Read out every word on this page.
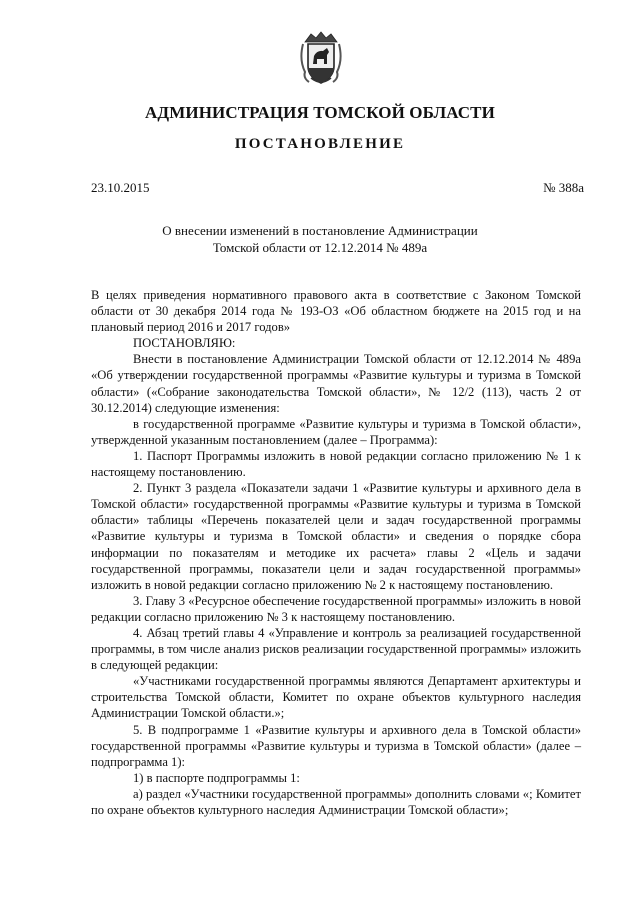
АДМИНИСТРАЦИЯ ТОМСКОЙ ОБЛАСТИ
ПОСТАНОВЛЕНИЕ
23.10.2015	№ 388а
О внесении изменений в постановление Администрации
Томской области от 12.12.2014 № 489а

В целях приведения нормативного правового акта в соответствие с Законом Томской области от 30 декабря 2014 года № 193-ОЗ «Об областном бюджете на 2015 год и на плановый период 2016 и 2017 годов»

ПОСТАНОВЛЯЮ:

Внести в постановление Администрации Томской области от 12.12.2014 № 489а «Об утверждении государственной программы «Развитие культуры и туризма в Томской области» («Собрание законодательства Томской области», № 12/2 (113), часть 2 от 30.12.2014) следующие изменения:

в государственной программе «Развитие культуры и туризма в Томской области», утвержденной указанным постановлением (далее – Программа):

1. Паспорт Программы изложить в новой редакции согласно приложению № 1 к настоящему постановлению.

2. Пункт 3 раздела «Показатели задачи 1 «Развитие культуры и архивного дела в Томской области» государственной программы «Развитие культуры и туризма в Томской области» таблицы «Перечень показателей цели и задач государственной программы «Развитие культуры и туризма в Томской области» и сведения о порядке сбора информации по показателям и методике их расчета» главы 2 «Цель и задачи государственной программы, показатели цели и задач государственной программы» изложить в новой редакции согласно приложению № 2 к настоящему постановлению.

3. Главу 3 «Ресурсное обеспечение государственной программы» изложить в новой редакции согласно приложению № 3 к настоящему постановлению.

4. Абзац третий главы 4 «Управление и контроль за реализацией государственной программы, в том числе анализ рисков реализации государственной программы» изложить в следующей редакции:

«Участниками государственной программы являются Департамент архитектуры и строительства Томской области, Комитет по охране объектов культурного наследия Администрации Томской области.»;

5. В подпрограмме 1 «Развитие культуры и архивного дела в Томской области» государственной программы «Развитие культуры и туризма в Томской области» (далее – подпрограмма 1):

1) в паспорте подпрограммы 1:

а) раздел «Участники государственной программы» дополнить словами «; Комитет по охране объектов культурного наследия Администрации Томской области»;
